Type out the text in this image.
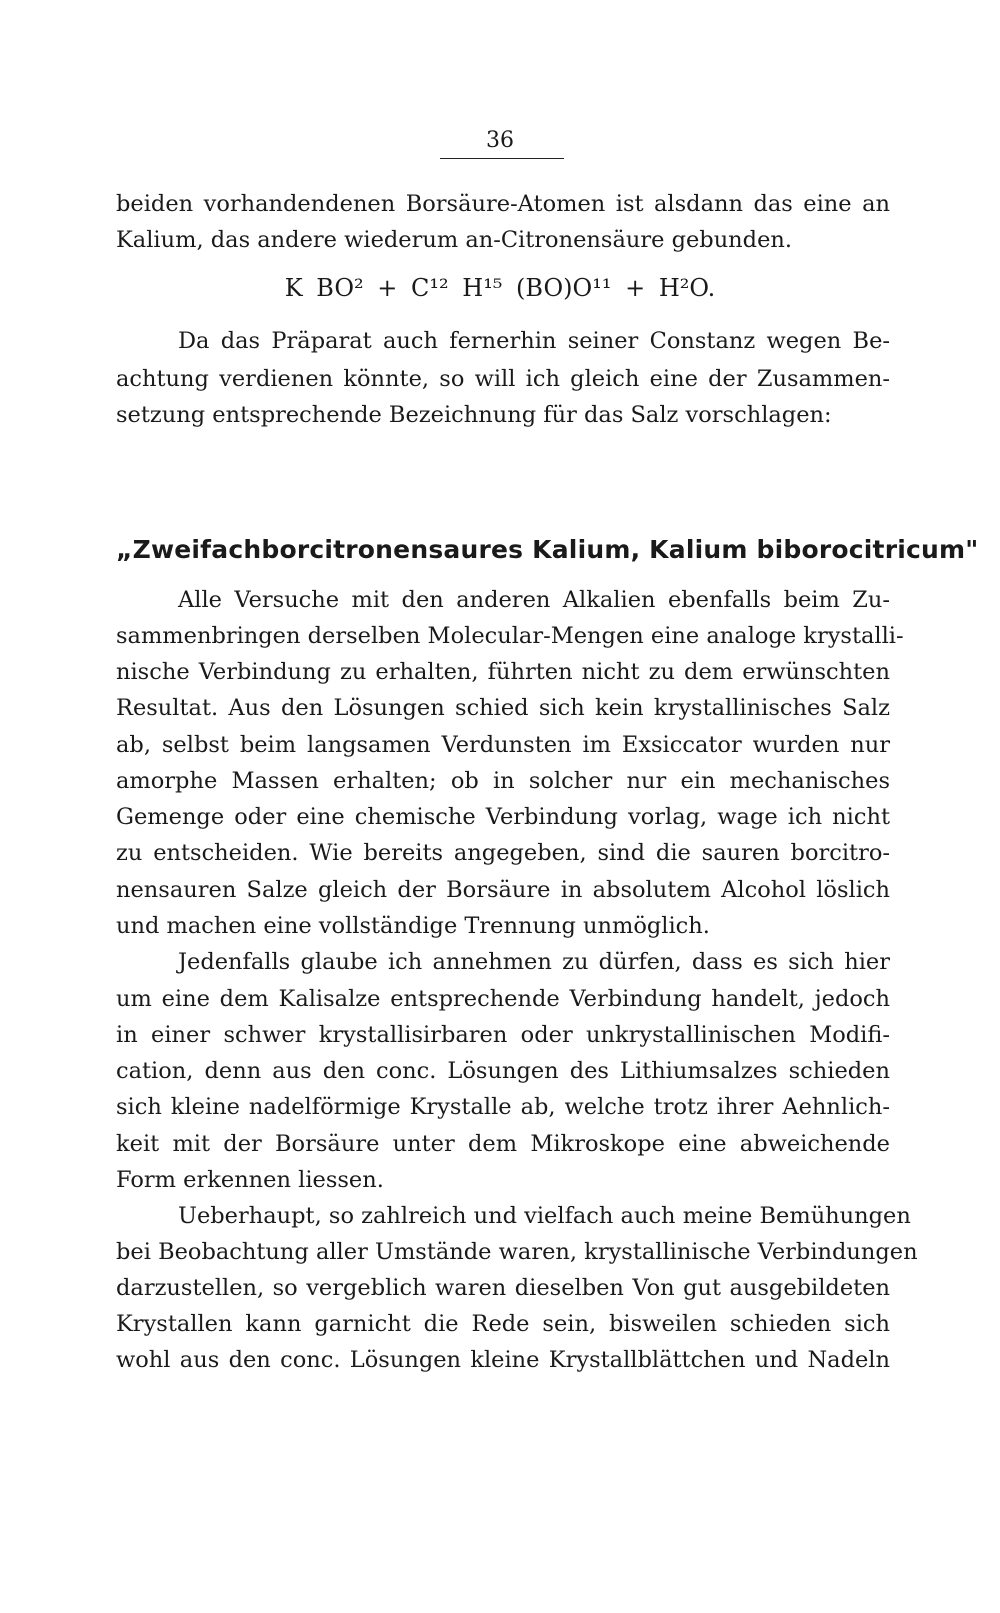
36
beiden vorhandendenen Borsäure-Atomen ist alsdann das eine an
Kalium, das andere wiederum an-Citronensäure gebunden.
K BO² + C¹² H¹⁵ (BO)O¹¹ + H²O.
Da das Präparat auch fernerhin seiner Constanz wegen Be-
achtung verdienen könnte, so will ich gleich eine der Zusammen-
setzung entsprechende Bezeichnung für das Salz vorschlagen:
„Zweifachborcitronensaures Kalium, Kalium biborocitricum"
Alle Versuche mit den anderen Alkalien ebenfalls beim Zu-
sammenbringen derselben Molecular-Mengen eine analoge krystalli-
nische Verbindung zu erhalten, führten nicht zu dem erwünschten
Resultat. Aus den Lösungen schied sich kein krystallinisches Salz
ab, selbst beim langsamen Verdunsten im Exsiccator wurden nur
amorphe Massen erhalten; ob in solcher nur ein mechanisches
Gemenge oder eine chemische Verbindung vorlag, wage ich nicht
zu entscheiden. Wie bereits angegeben, sind die sauren borcitro-
nensauren Salze gleich der Borsäure in absolutem Alcohol löslich
und machen eine vollständige Trennung unmöglich.
Jedenfalls glaube ich annehmen zu dürfen, dass es sich hier
um eine dem Kalisalze entsprechende Verbindung handelt, jedoch
in einer schwer krystallisirbaren oder unkrystallinischen Modifi-
cation, denn aus den conc. Lösungen des Lithiumsalzes schieden
sich kleine nadelförmige Krystalle ab, welche trotz ihrer Aehnlich-
keit mit der Borsäure unter dem Mikroskope eine abweichende
Form erkennen liessen.
Ueberhaupt, so zahlreich und vielfach auch meine Bemühungen
bei Beobachtung aller Umstände waren, krystallinische Verbindungen
darzustellen, so vergeblich waren dieselben Von gut ausgebildeten
Krystallen kann garnicht die Rede sein, bisweilen schieden sich
wohl aus den conc. Lösungen kleine Krystallblättchen und Nadeln
